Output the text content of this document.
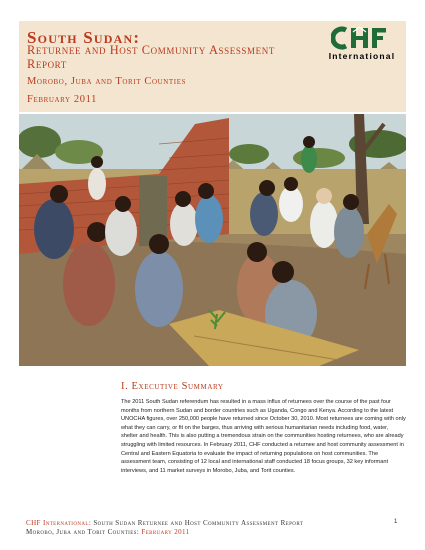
South Sudan:
Returnee and Host Community Assessment Report
Morobo, Juba and Torit Counties
February 2011
International
I. Executive Summary
The 2011 South Sudan referendum has resulted in a mass influx of returnees over the course of the past four months from northern Sudan and border countries such as Uganda, Congo and Kenya. According to the latest UNOCHA figures, over 250,000 people have returned since October 30, 2010. Most returnees are coming with only what they can carry, or fit on the barges, thus arriving with serious humanitarian needs including food, water, shelter and health. This is also putting a tremendous strain on the communities hosting returnees, who are already struggling with limited resources. In February 2011, CHF conducted a returnee and host community assessment in Central and Eastern Equatoria to evaluate the impact of returning populations on host communities. The assessment team, consisting of 12 local and international staff conducted 18 focus groups, 32 key informant interviews, and 11 market surveys in Morobo, Juba, and Torit counties.
CHF International: South Sudan Returnee and Host Community Assessment Report
Morobo, Juba and Torit Counties: February 2011
1
